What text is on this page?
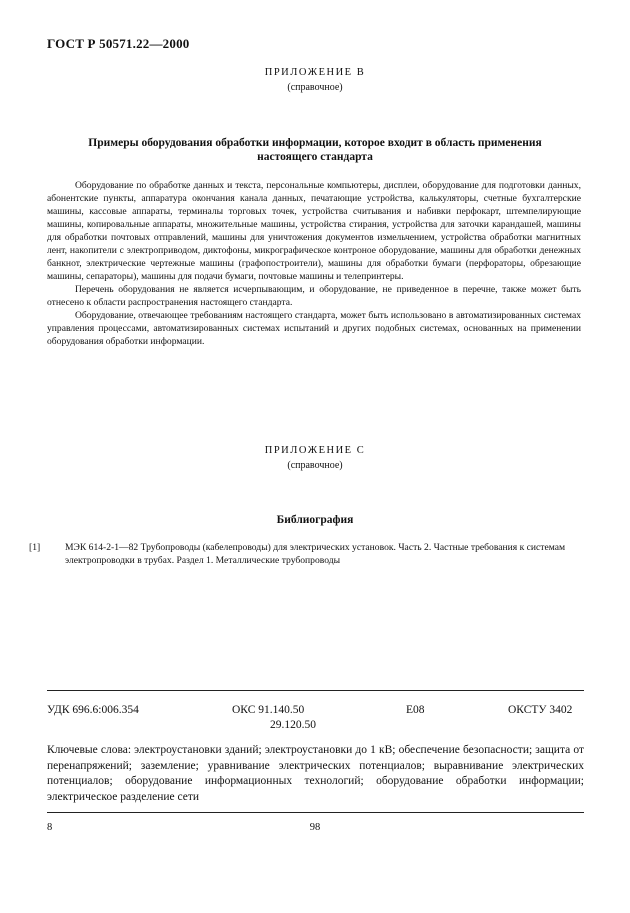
ГОСТ Р 50571.22—2000
ПРИЛОЖЕНИЕ В
(справочное)
Примеры оборудования обработки информации, которое входит в область применения настоящего стандарта

Оборудование по обработке данных и текста, персональные компьютеры, дисплеи, оборудование для подготовки данных, абонентские пункты, аппаратура окончания канала данных, печатающие устройства, калькуляторы, счетные бухгалтерские машины, кассовые аппараты, терминалы торговых точек, устройства считывания и набивки перфокарт, штемпелирующие машины, копировальные аппараты, множительные машины, устройства стирания, устройства для заточки карандашей, машины для обработки почтовых отправлений, машины для уничтожения документов измельчением, устройства обработки магнитных лент, накопители с электроприводом, диктофоны, микрографическое контроное оборудование, машины для обработки денежных банкнот, электрические чертежные машины (графопостроители), машины для обработки бумаги (перфораторы, обрезающие машины, сепараторы), машины для подачи бумаги, почтовые машины и телепринтеры.

Перечень оборудования не является исчерпывающим, и оборудование, не приведенное в перечне, также может быть отнесено к области распространения настоящего стандарта.

Оборудование, отвечающее требованиям настоящего стандарта, может быть использовано в автоматизированных системах управления процессами, автоматизированных системах испытаний и других подобных системах, основанных на применении оборудования обработки информации.

ПРИЛОЖЕНИЕ С
(справочное)
Библиография
[1]	МЭК 614-2-1—82 Трубопроводы (кабелепроводы) для электрических установок. Часть 2. Частные требования к системам электропроводки в трубах. Раздел 1. Металлические трубопроводы
УДК 696.6:006.354	ОКС 91.140.50
29.120.50
Е08	ОКСТУ 3402
Ключевые слова: электроустановки зданий; электроустановки до 1 кВ; обеспечение безопасности; защита от перенапряжений; заземление; уравнивание электрических потенциалов; выравнивание электрических потенциалов; оборудование информационных технологий; оборудование обработки информации; электрическое разделение сети
8	98
